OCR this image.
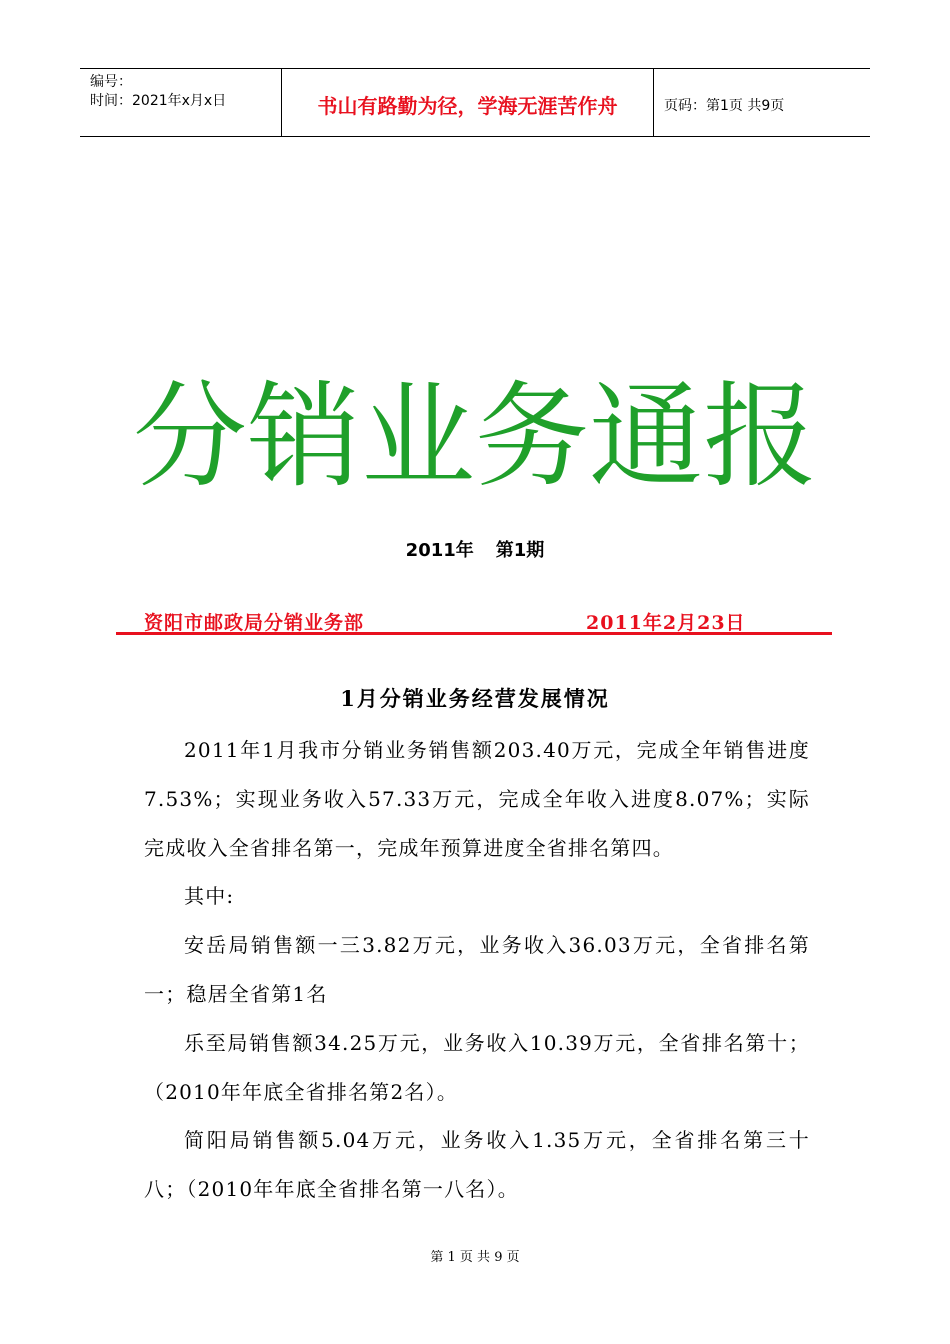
编号：
时间：2021年x月x日	书山有路勤为径，学海无涯苦作舟	页码：第1页 共9页
分销业务通报
2011年 第1期
资阳市邮政局分销业务部	2011年2月23日
1月分销业务经营发展情况

2011年1月我市分销业务销售额203.40万元，完成全年销售进度7.53%；实现业务收入57.33万元，完成全年收入进度8.07%；实际完成收入全省排名第一，完成年预算进度全省排名第四。

其中:

安岳局销售额一三3.82万元，业务收入36.03万元，全省排名第一；稳居全省第1名

乐至局销售额34.25万元，业务收入10.39万元，全省排名第十；（2010年年底全省排名第2名）。

简阳局销售额5.04万元，业务收入1.35万元，全省排名第三十八；（2010年年底全省排名第一八名）。

第 1 页 共 9 页
